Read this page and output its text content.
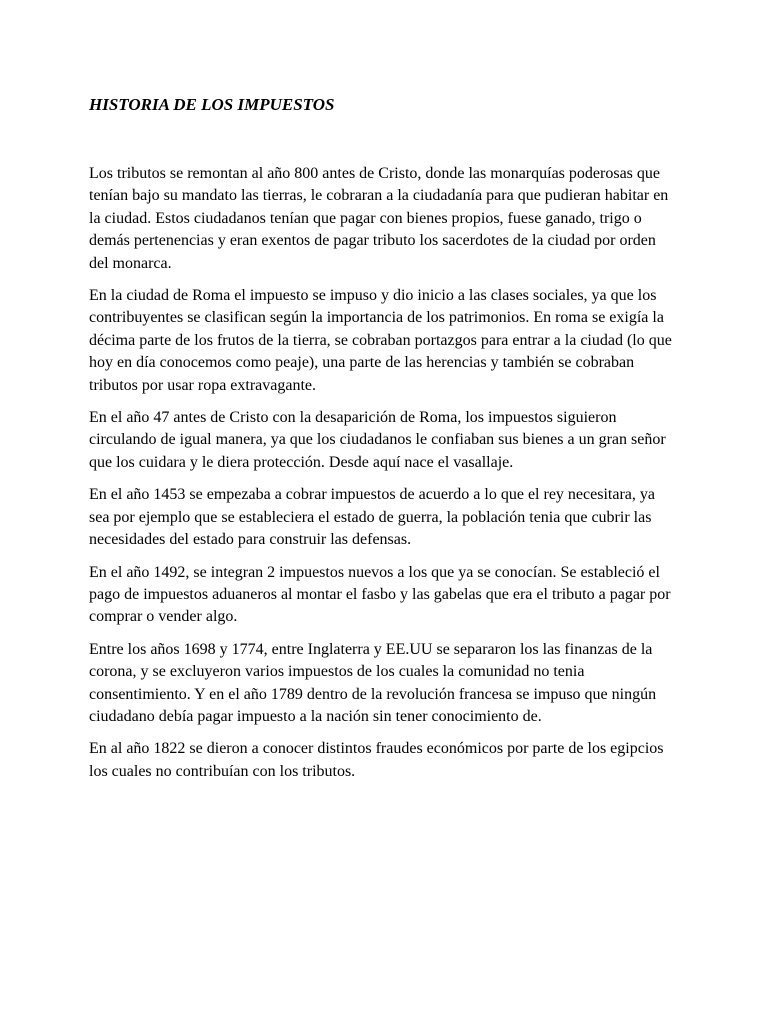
HISTORIA DE LOS IMPUESTOS

Los tributos se remontan al año 800 antes de Cristo, donde las monarquías poderosas que tenían bajo su mandato las tierras, le cobraran a la ciudadanía para que pudieran habitar en la ciudad. Estos ciudadanos tenían que pagar con bienes propios, fuese ganado, trigo o demás pertenencias y eran exentos de pagar tributo los sacerdotes de la ciudad por orden del monarca.

En la ciudad de Roma el impuesto se impuso y dio inicio a las clases sociales, ya que los contribuyentes se clasifican según la importancia de los patrimonios. En roma se exigía la décima parte de los frutos de la tierra, se cobraban portazgos para entrar a la ciudad (lo que hoy en día conocemos como peaje), una parte de las herencias y también se cobraban tributos por usar ropa extravagante.

En el año 47 antes de Cristo con la desaparición de Roma, los impuestos siguieron circulando de igual manera, ya que los ciudadanos le confiaban sus bienes a un gran señor que los cuidara y le diera protección. Desde aquí nace el vasallaje.

En el año 1453 se empezaba a cobrar impuestos de acuerdo a lo que el rey necesitara, ya sea por ejemplo que se estableciera el estado de guerra, la población tenia que cubrir las necesidades del estado para construir las defensas.

En el año 1492, se integran 2 impuestos nuevos a los que ya se conocían. Se estableció el pago de impuestos aduaneros al montar el fasbo y las gabelas que era el tributo a pagar por comprar o vender algo.

Entre los años 1698 y 1774, entre Inglaterra y EE.UU se separaron los las finanzas de la corona, y se excluyeron varios impuestos de los cuales la comunidad no tenia consentimiento. Y en el año 1789 dentro de la revolución francesa se impuso que ningún ciudadano debía pagar impuesto a la nación sin tener conocimiento de.

En al año 1822 se dieron a conocer distintos fraudes económicos por parte de los egipcios los cuales no contribuían con los tributos.
